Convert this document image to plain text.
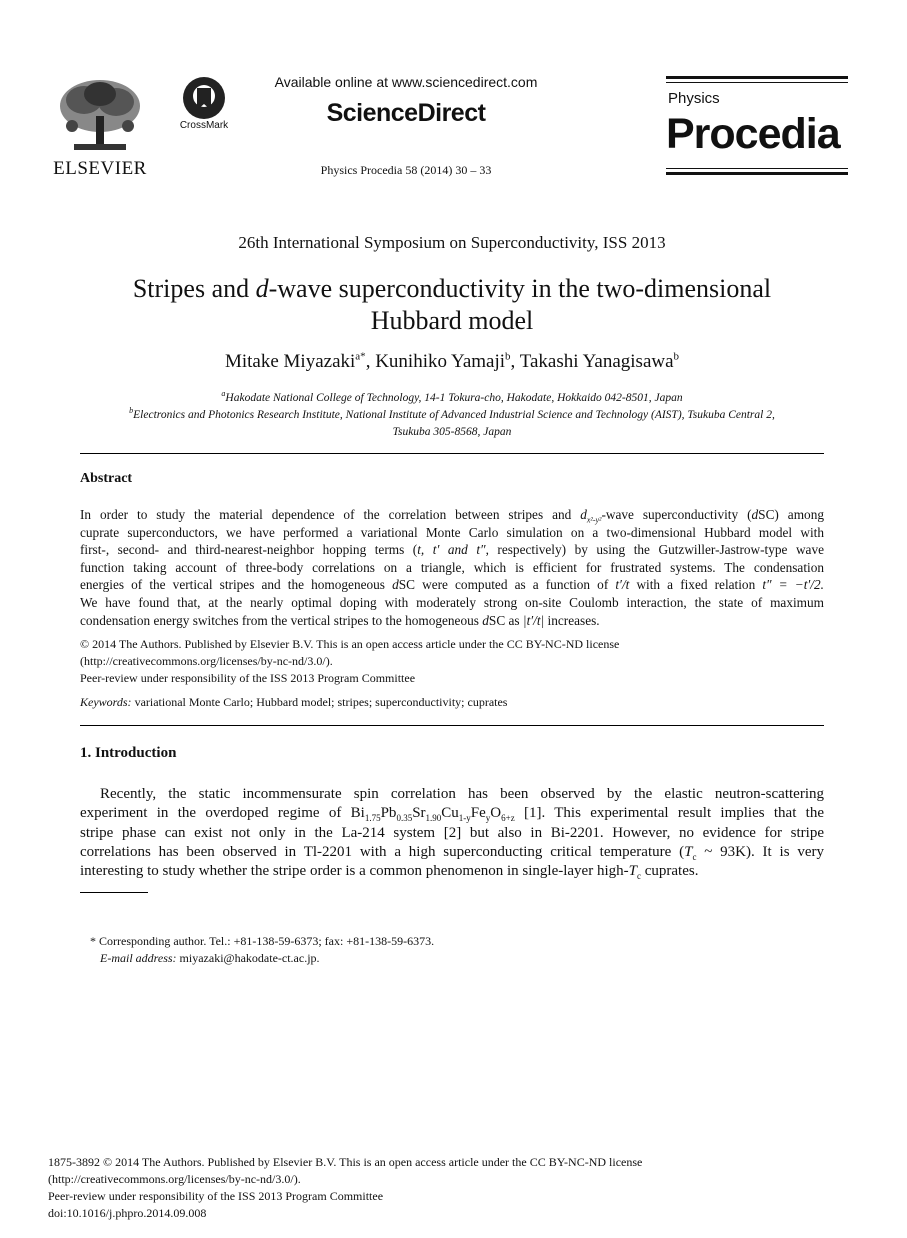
ELSEVIER
CrossMark
Available online at www.sciencedirect.com
ScienceDirect
Physics Procedia 58 (2014) 30 – 33
Physics
Procedia
26th International Symposium on Superconductivity, ISS 2013
Stripes and d-wave superconductivity in the two-dimensional
Hubbard model
Mitake Miyazaki$^{a*}$, Kunihiko Yamaji$^b$, Takashi Yanagisawa$^b$
$^a$Hakodate National College of Technology, 14-1 Tokura-cho, Hakodate, Hokkaido 042-8501, Japan
$^b$Electronics and Photonics Research Institute, National Institute of Advanced Industrial Science and Technology (AIST), Tsukuba Central 2,
Tsukuba 305-8568, Japan
Abstract
In order to study the material dependence of the correlation between stripes and $d_{x^2-y^2}$-wave superconductivity (dSC) among
cuprate superconductors, we have performed a variational Monte Carlo simulation on a two-dimensional Hubbard model with
first-, second- and third-nearest-neighbor hopping terms (t, t′ and t″, respectively) by using the Gutzwiller-Jastrow-type wave
function taking account of three-body correlations on a triangle, which is efficient for frustrated systems. The condensation
energies of the vertical stripes and the homogeneous dSC were computed as a function of t′/t with a fixed relation t″ = −t′/2.
We have found that, at the nearly optimal doping with moderately strong on-site Coulomb interaction, the state of maximum
condensation energy switches from the vertical stripes to the homogeneous dSC as |t′/t| increases.
© 2014 The Authors. Published by Elsevier B.V. This is an open access article under the CC BY-NC-ND license
(http://creativecommons.org/licenses/by-nc-nd/3.0/).
Peer-review under responsibility of the ISS 2013 Program Committee
Keywords: variational Monte Carlo; Hubbard model; stripes; superconductivity; cuprates
1. Introduction
Recently, the static incommensurate spin correlation has been observed by the elastic neutron-scattering
experiment in the overdoped regime of $Bi_{1.75}Pb_{0.35}Sr_{1.90}Cu_{1-y}Fe_yO_{6+z}$ [1]. This experimental result implies that the
stripe phase can exist not only in the La-214 system [2] but also in Bi-2201. However, no evidence for stripe
correlations has been observed in Tl-2201 with a high superconducting critical temperature ($T_c$ ~ 93K). It is very
interesting to study whether the stripe order is a common phenomenon in single-layer high-$T_c$ cuprates.
* Corresponding author. Tel.: +81-138-59-6373; fax: +81-138-59-6373.
E-mail address: miyazaki@hakodate-ct.ac.jp.
1875-3892 © 2014 The Authors. Published by Elsevier B.V. This is an open access article under the CC BY-NC-ND license
(http://creativecommons.org/licenses/by-nc-nd/3.0/).
Peer-review under responsibility of the ISS 2013 Program Committee
doi:10.1016/j.phpro.2014.09.008
